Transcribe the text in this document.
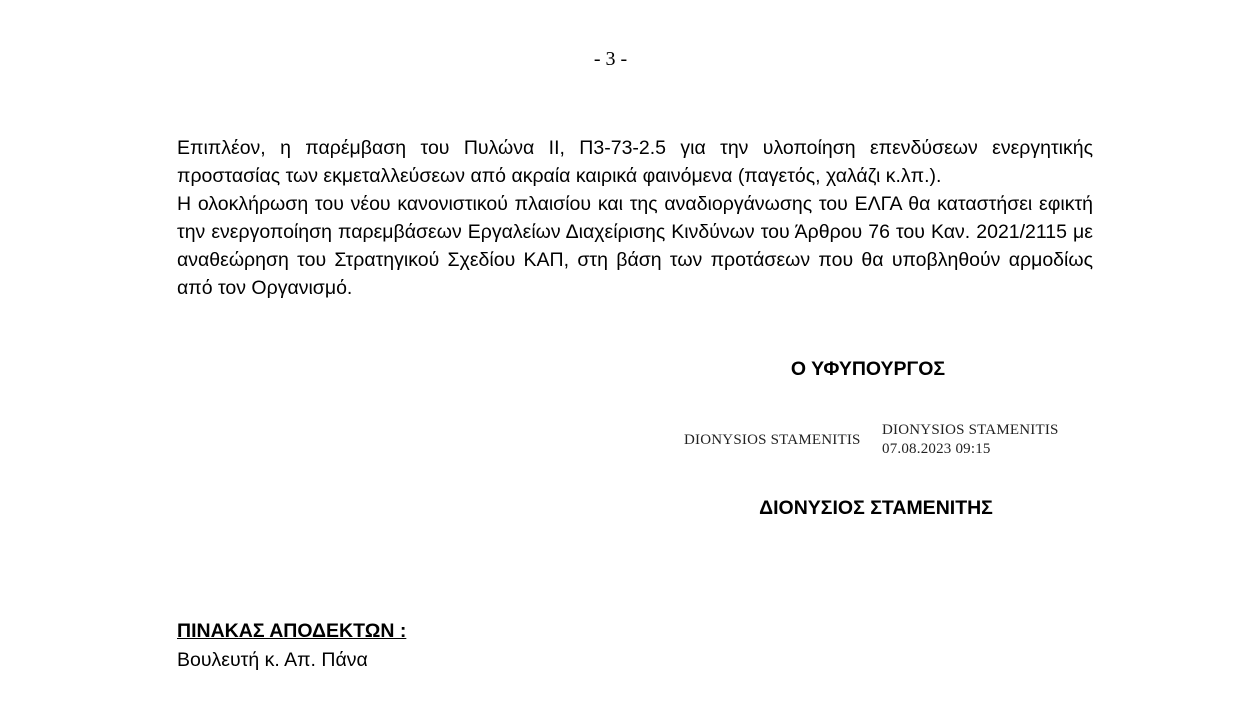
- 3 -

Επιπλέον, η παρέμβαση του Πυλώνα ΙΙ, Π3-73-2.5 για την υλοποίηση επενδύσεων ενεργητικής προστασίας των εκμεταλλεύσεων από ακραία καιρικά φαινόμενα (παγετός, χαλάζι κ.λπ.).

Η ολοκλήρωση του νέου κανονιστικού πλαισίου και της αναδιοργάνωσης του ΕΛΓΑ θα καταστήσει εφικτή την ενεργοποίηση παρεμβάσεων Εργαλείων Διαχείρισης Κινδύνων του Άρθρου 76 του Καν. 2021/2115 με αναθεώρηση του Στρατηγικού Σχεδίου ΚΑΠ, στη βάση των προτάσεων που θα υποβληθούν αρμοδίως από τον Οργανισμό.

Ο ΥΦΥΠΟΥΡΓΟΣ
DIONYSIOS STAMENITIS
DIONYSIOS STAMENITIS
07.08.2023 09:15
ΔΙΟΝΥΣΙΟΣ ΣΤΑΜΕΝΙΤΗΣ
ΠΙΝΑΚΑΣ ΑΠΟΔΕΚΤΩΝ :
Βουλευτή κ. Απ. Πάνα
